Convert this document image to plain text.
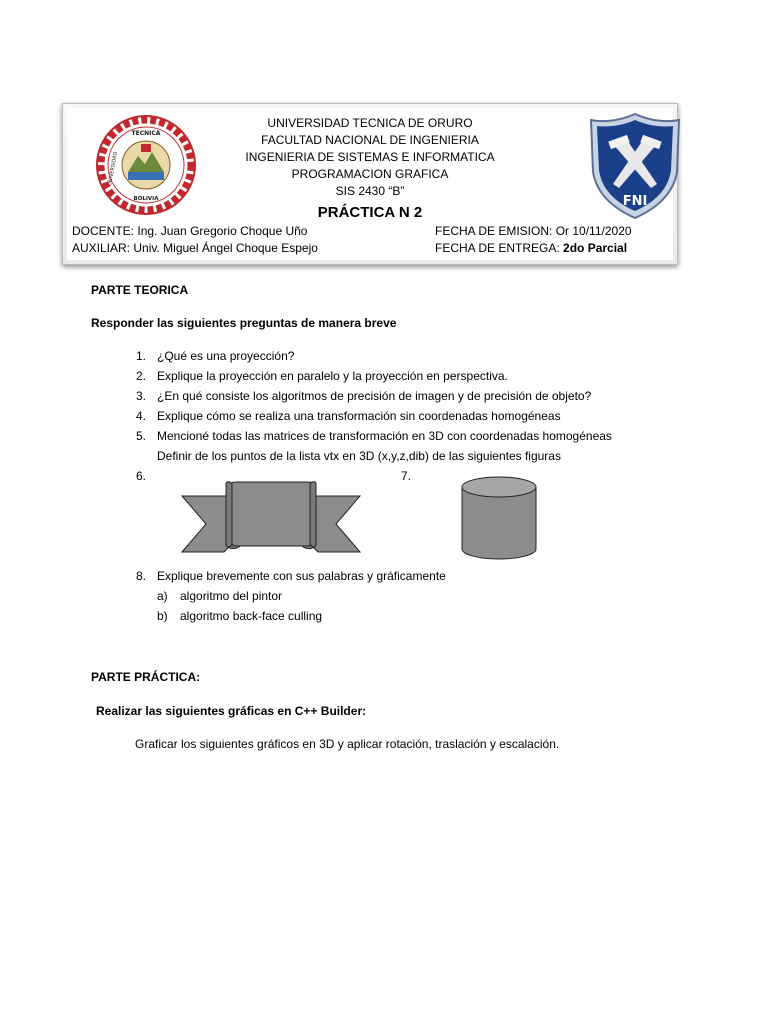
TECNICA
UNIVERSIDAD
BOLIVIA
UNIVERSIDAD TECNICA DE ORURO
FACULTAD NACIONAL DE INGENIERIA
INGENIERIA DE SISTEMAS E INFORMATICA
PROGRAMACION GRAFICA
SIS 2430 “B”
PRÁCTICA N 2
FNI
DOCENTE: Ing. Juan Gregorio Choque Uño
AUXILIAR: Univ. Miguel Ángel Choque Espejo
FECHA DE EMISION: Or 10/11/2020
FECHA DE ENTREGA: 2do Parcial
PARTE TEORICA
Responder las siguientes preguntas de manera breve
1. ¿Qué es una proyección?
2. Explique la proyección en paralelo y la proyección en perspectiva.
3. ¿En qué consiste los algoritmos de precisión de imagen y de precisión de objeto?
4. Explique cómo se realiza una transformación sin coordenadas homogéneas
5. Mencioné todas las matrices de transformación en 3D con coordenadas homogéneas
Definir de los puntos de la lista vtx en 3D (x,y,z,dib) de las siguientes figuras
6.	7.
8. Explique brevemente con sus palabras y gráficamente
a) algoritmo del pintor
b) algoritmo back-face culling
PARTE PRÁCTICA:
Realizar las siguientes gráficas en C++ Builder:
Graficar los siguientes gráficos en 3D y aplicar rotación, traslación y escalación.
